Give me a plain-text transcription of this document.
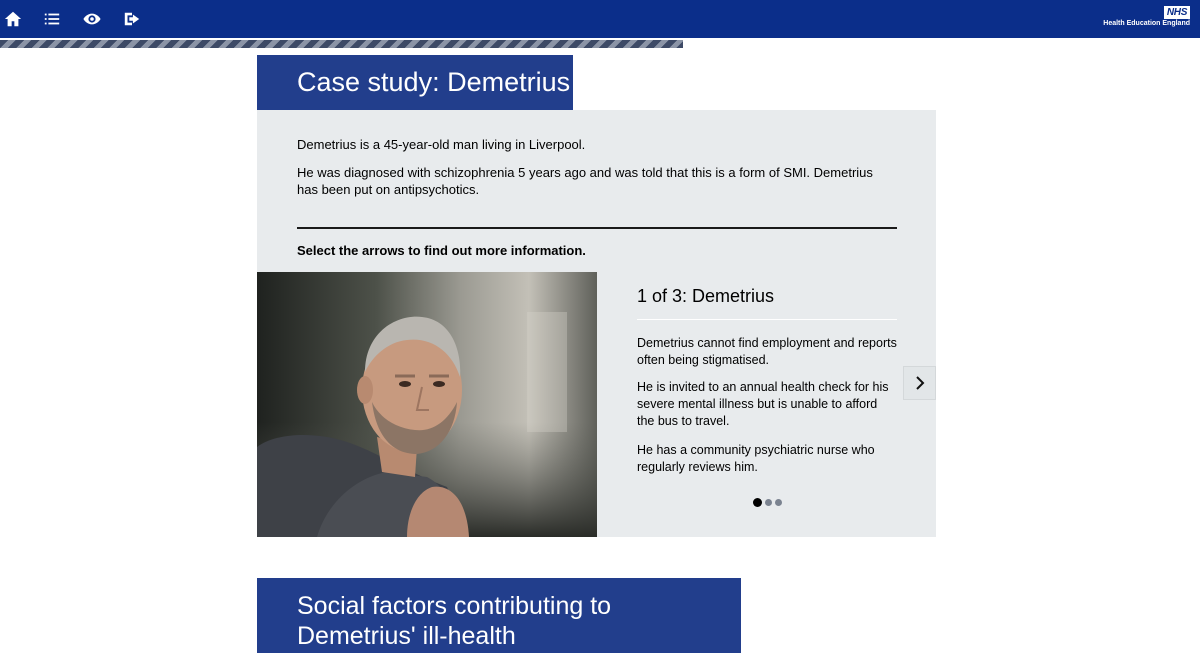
NHS
Health Education England
Case study: Demetrius

Demetrius is a 45-year-old man living in Liverpool.

He was diagnosed with schizophrenia 5 years ago and was told that this is a form of SMI. Demetrius has been put on antipsychotics.

Select the arrows to find out more information.

1 of 3: Demetrius

Demetrius cannot find employment and reports often being stigmatised.

He is invited to an annual health check for his severe mental illness but is unable to afford the bus to travel.

He has a community psychiatric nurse who regularly reviews him.

Social factors contributing to Demetrius' ill-health
